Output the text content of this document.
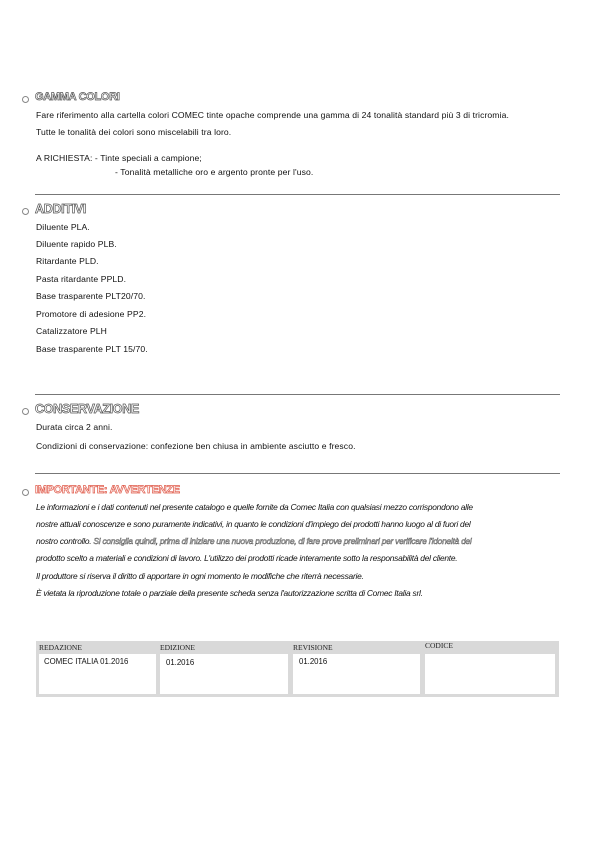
GAMMA COLORI
Fare riferimento alla cartella colori COMEC tinte opache comprende una gamma di 24 tonalità standard più 3 di tricromia.
Tutte le tonalità dei colori sono miscelabili tra loro.
A RICHIESTA: - Tinte speciali a campione;
- Tonalità metalliche oro e argento pronte per l'uso.
ADDITIVI
Diluente PLA.
Diluente rapido PLB.
Ritardante PLD.
Pasta ritardante PPLD.
Base trasparente PLT20/70.
Promotore di adesione PP2.
Catalizzatore PLH
Base trasparente PLT 15/70.
CONSERVAZIONE
Durata circa 2 anni.
Condizioni di conservazione: confezione ben chiusa in ambiente asciutto e fresco.
IMPORTANTE: AVVERTENZE
Le informazioni e i dati contenuti nel presente catalogo e quelle fornite da Comec Italia con qualsiasi mezzo corrispondono alle
nostre attuali conoscenze e sono puramente indicativi, in quanto le condizioni d'impiego dei prodotti hanno luogo al di fuori del
nostro controllo. Si consiglia quindi, prima di iniziare una nuova produzione, di fare prove preliminari per verificare l'idoneità del
prodotto scelto a materiali e condizioni di lavoro. L'utilizzo dei prodotti ricade interamente sotto la responsabilità del cliente.
Il produttore si riserva il diritto di apportare in ogni momento le modifiche che riterrà necessarie.
È vietata la riproduzione totale o parziale della presente scheda senza l'autorizzazione scritta di Comec Italia srl.
REDAZIONE
COMEC ITALIA 01.2016
EDIZIONE
01.2016
REVISIONE
01.2016
CODICE
